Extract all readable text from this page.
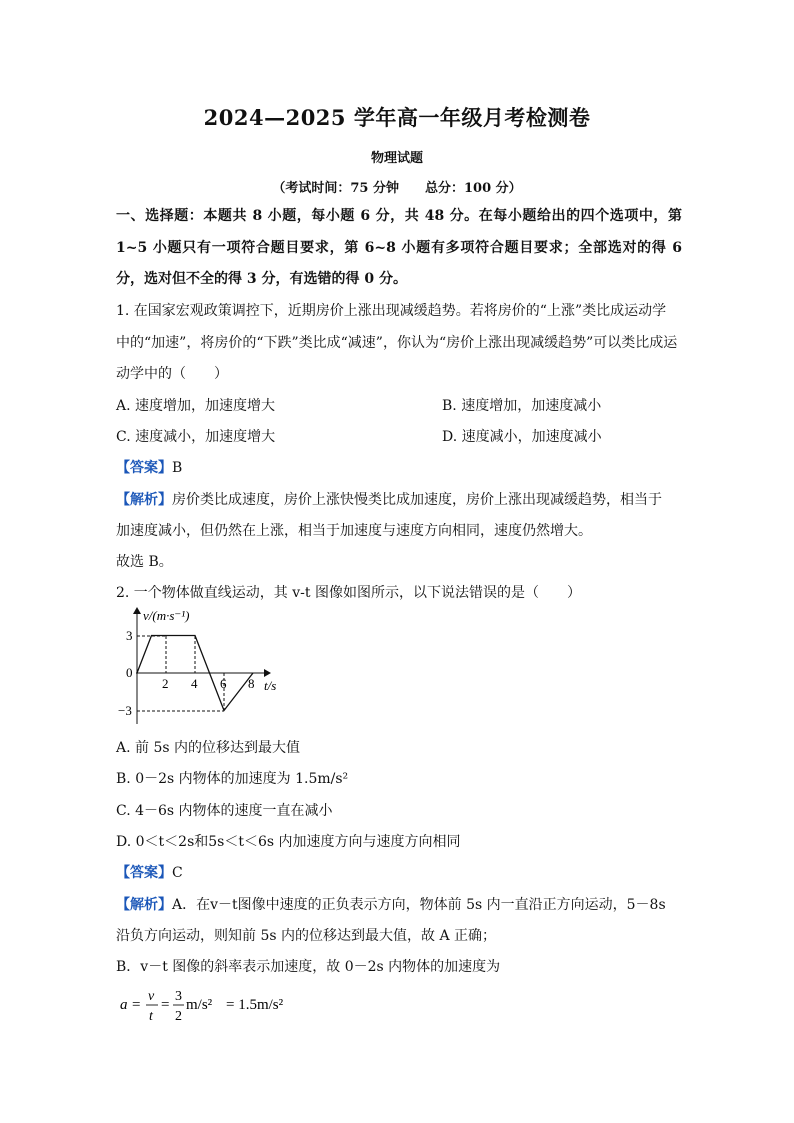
2024—2025 学年高一年级月考检测卷
物理试题
（考试时间：75 分钟　　总分：100 分）
一、选择题：本题共 8 小题，每小题 6 分，共 48 分。在每小题给出的四个选项中，第 1~5 小题只有一项符合题目要求，第 6~8 小题有多项符合题目要求；全部选对的得 6 分，选对但不全的得 3 分，有选错的得 0 分。
1. 在国家宏观政策调控下，近期房价上涨出现减缓趋势。若将房价的“上涨”类比成运动学
中的“加速”，将房价的“下跌”类比成“减速”，你认为“房价上涨出现减缓趋势”可以类比成运
动学中的（　　）
A. 速度增加，加速度增大	B. 速度增加，加速度减小
C. 速度减小，加速度增大	D. 速度减小，加速度减小
【答案】B
【解析】房价类比成速度，房价上涨快慢类比成加速度，房价上涨出现减缓趋势，相当于
加速度减小，但仍然在上涨，相当于加速度与速度方向相同，速度仍然增大。
故选 B。
2. 一个物体做直线运动，其 v-t 图像如图所示，以下说法错误的是（　　）
v/(m·s⁻¹)
t/s
3
0
−3
2 4 6 8
A. 前 5s 内的位移达到最大值
B. 0－2s 内物体的加速度为 1.5m/s²
C. 4－6s 内物体的速度一直在减小
D. 0＜t＜2s和5s＜t＜6s 内加速度方向与速度方向相同
【答案】C
【解析】A．在v－t图像中速度的正负表示方向，物体前 5s 内一直沿正方向运动，5－8s
沿负方向运动，则知前 5s 内的位移达到最大值，故 A 正确；
B．v－t 图像的斜率表示加速度，故 0－2s 内物体的加速度为
a =
v
t
=
3
2
m/s² = 1.5m/s²
